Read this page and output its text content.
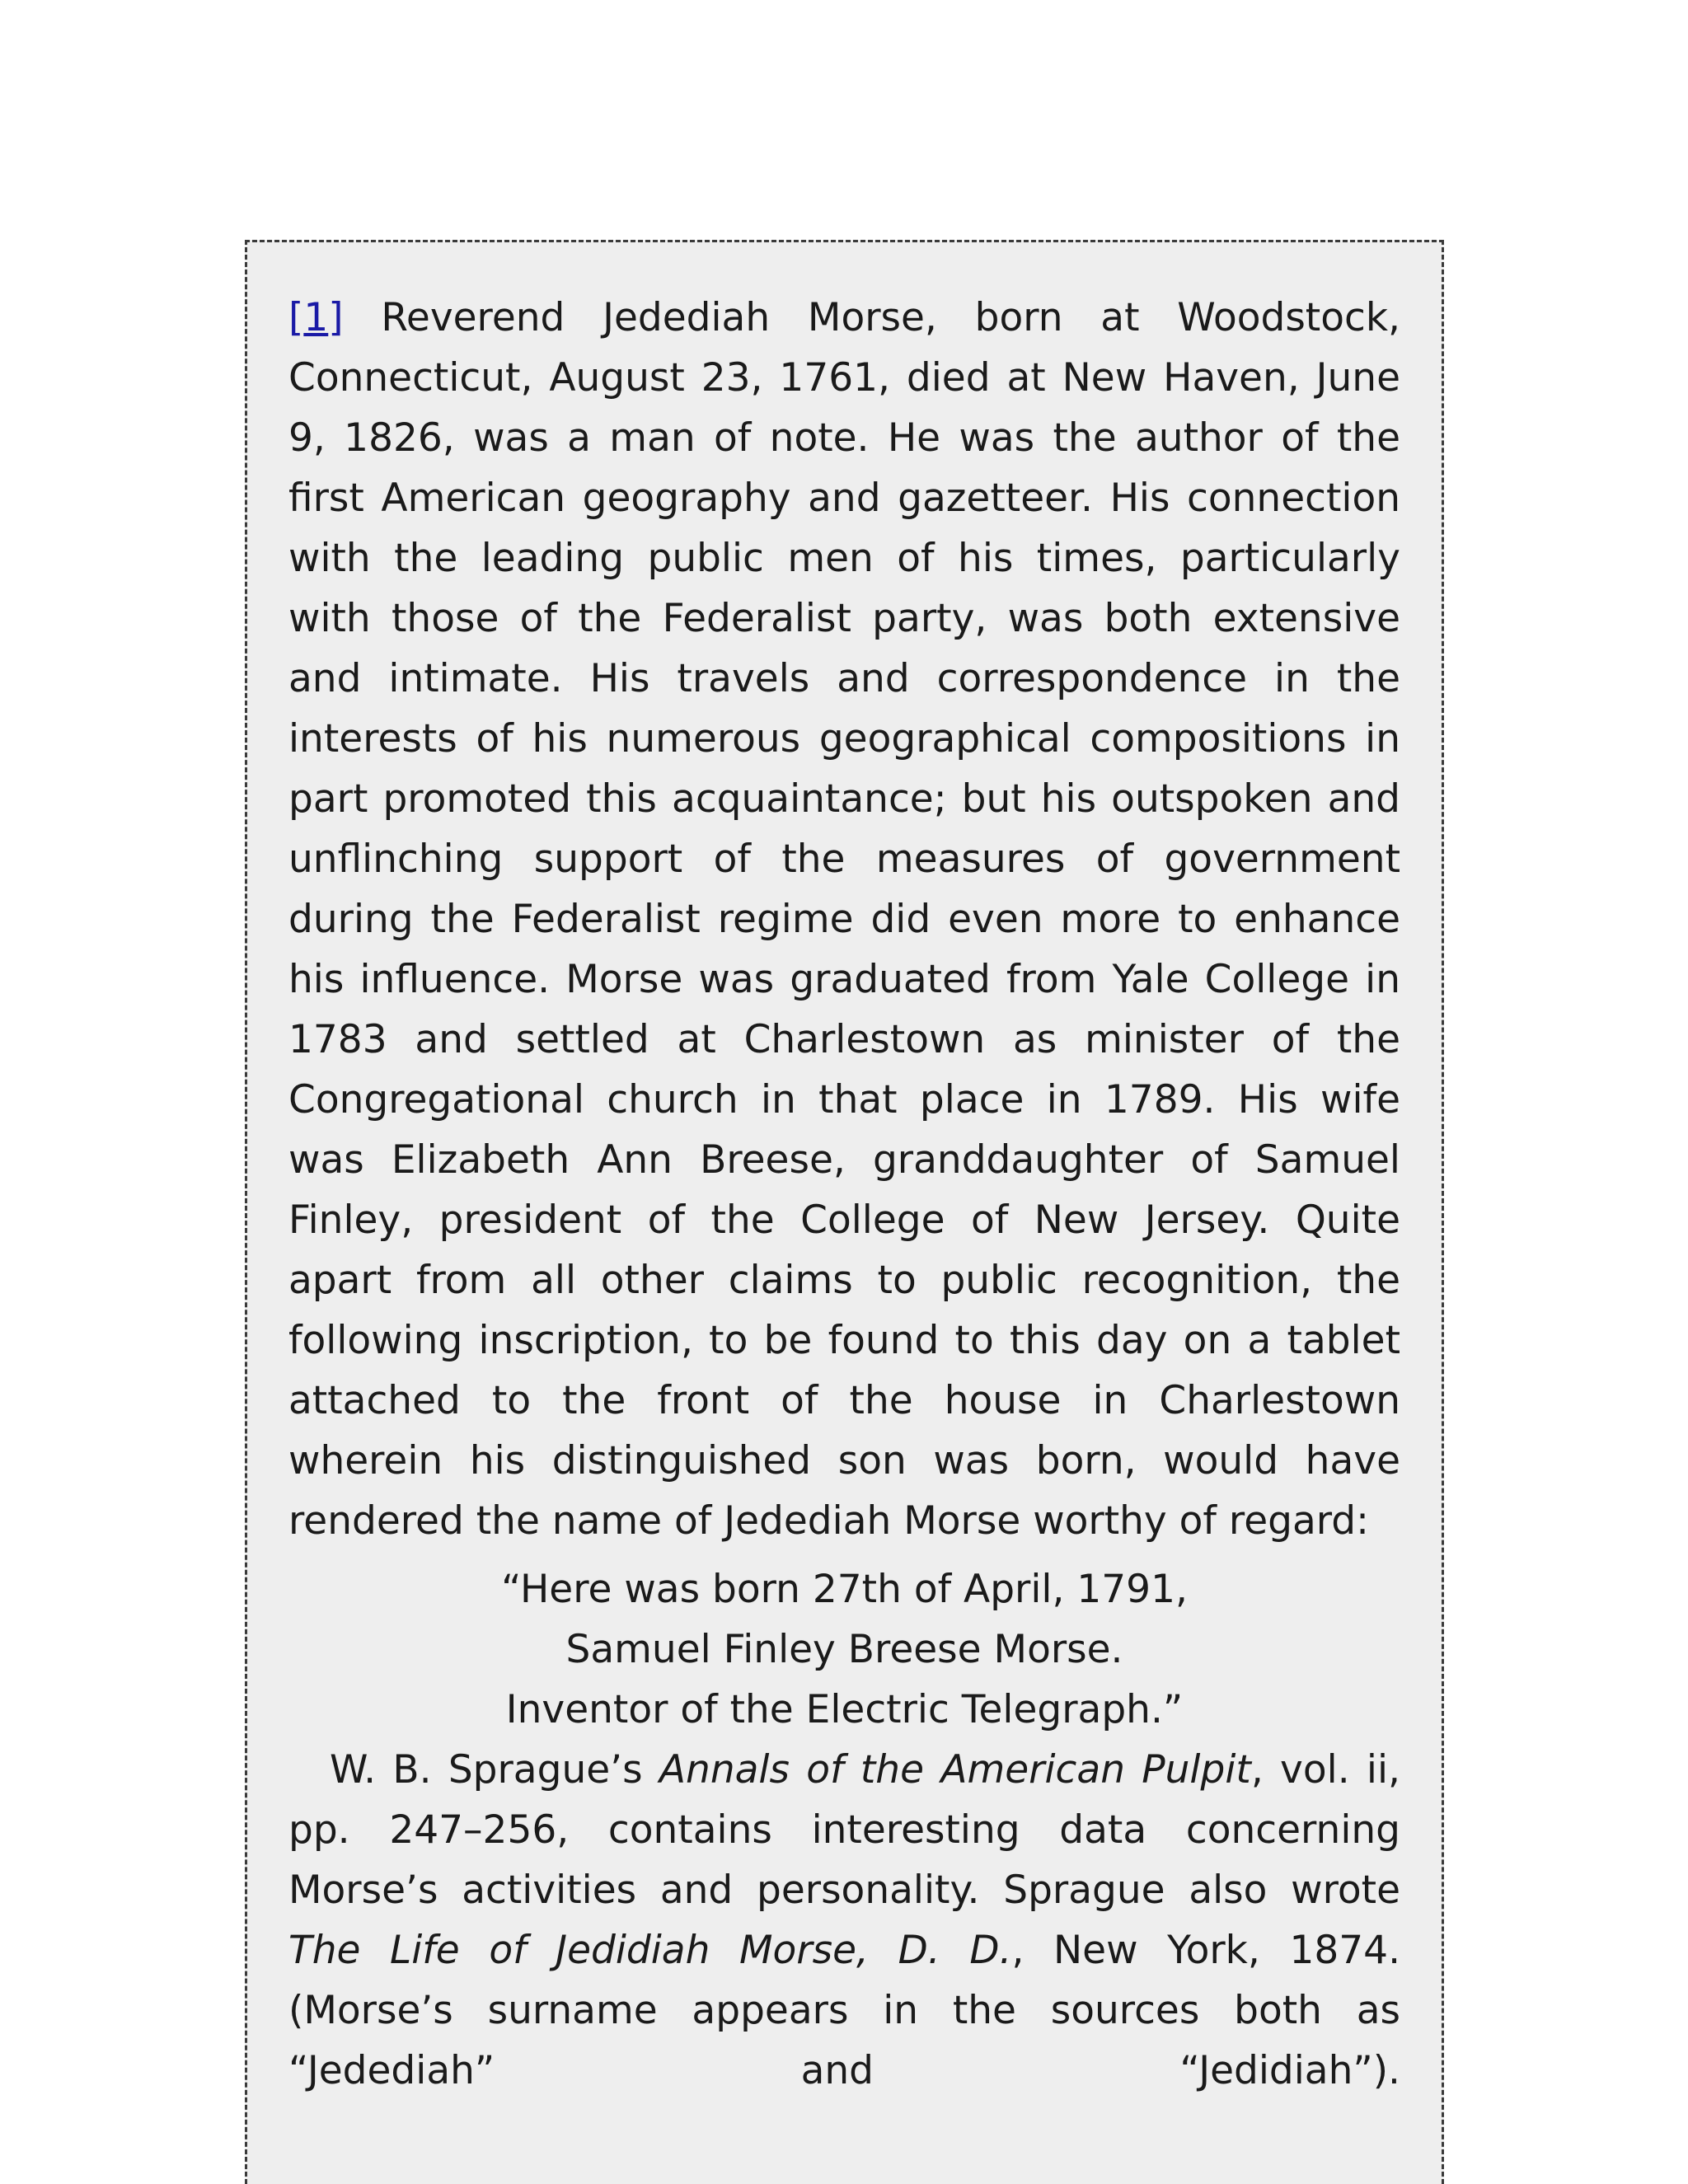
[1] Reverend Jedediah Morse, born at Woodstock, Connecticut, August 23, 1761, died at New Haven, June 9, 1826, was a man of note. He was the author of the first American geography and gazetteer. His connection with the leading public men of his times, particularly with those of the Federalist party, was both extensive and intimate. His travels and correspondence in the interests of his numerous geographical compositions in part promoted this acquaintance; but his outspoken and unflinching support of the measures of government during the Federalist regime did even more to enhance his influence. Morse was graduated from Yale College in 1783 and settled at Charlestown as minister of the Congregational church in that place in 1789. His wife was Elizabeth Ann Breese, granddaughter of Samuel Finley, president of the College of New Jersey. Quite apart from all other claims to public recognition, the following inscription, to be found to this day on a tablet attached to the front of the house in Charlestown wherein his distinguished son was born, would have rendered the name of Jedediah Morse worthy of regard:

“Here was born 27th of April, 1791,
Samuel Finley Breese Morse.
Inventor of the Electric Telegraph.”

W. B. Sprague’s Annals of the American Pulpit, vol. ii, pp. 247–256, contains interesting data concerning Morse’s activities and personality. Sprague also wrote The Life of Jedidiah Morse, D. D., New York, 1874. (Morse’s surname appears in the sources both as “Jedediah” and “Jedidiah”).
